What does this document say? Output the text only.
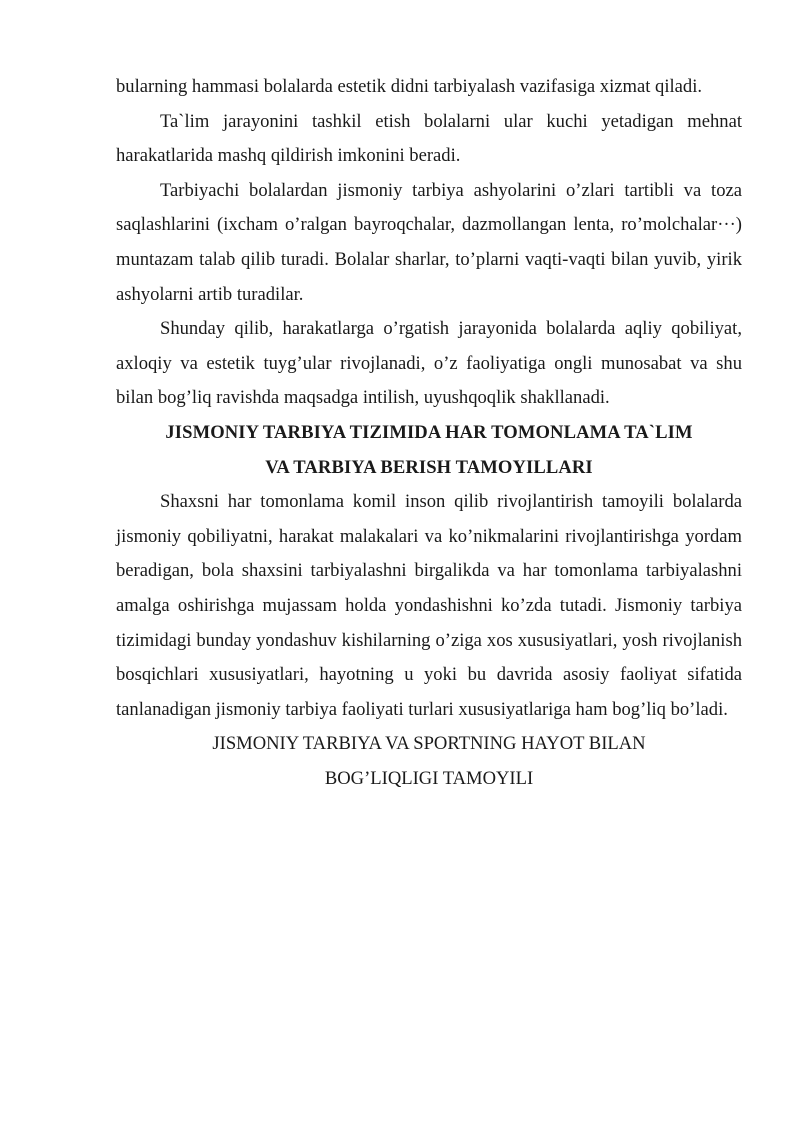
bularning hammasi bolalarda estetik didni tarbiyalash vazifasiga xizmat qiladi.

Ta`lim jarayonini tashkil etish bolalarni ular kuchi yetadigan mehnat harakatlarida mashq qildirish imkonini beradi.

Tarbiyachi bolalardan jismoniy tarbiya ashyolarini o’zlari tartibli va toza saqlashlarini (ixcham o’ralgan bayroqchalar, dazmollangan lenta, ro’molchalar···) muntazam talab qilib turadi. Bolalar sharlar, to’plarni vaqti-vaqti bilan yuvib, yirik ashyolarni artib turadilar.

Shunday qilib, harakatlarga o’rgatish jarayonida bolalarda aqliy qobiliyat, axloqiy va estetik tuyg’ular rivojlanadi, o’z faoliyatiga ongli munosabat va shu bilan bog’liq ravishda maqsadga intilish, uyushqoqlik shakllanadi.

JISMONIY TARBIYA TIZIMIDA HAR TOMONLAMA TA`LIM
VA TARBIYA BERISH TAMOYILLARI

Shaxsni har tomonlama komil inson qilib rivojlantirish tamoyili bolalarda jismoniy qobiliyatni, harakat malakalari va ko’nikmalarini rivojlantirishga yordam beradigan, bola shaxsini tarbiyalashni birgalikda va har tomonlama tarbiyalashni amalga oshirishga mujassam holda yondashishni ko’zda tutadi. Jismoniy tarbiya tizimidagi bunday yondashuv kishilarning o’ziga xos xususiyatlari, yosh rivojlanish bosqichlari xususiyatlari, hayotning u yoki bu davrida asosiy faoliyat sifatida tanlanadigan jismoniy tarbiya faoliyati turlari xususiyatlariga ham bog’liq bo’ladi.

JISMONIY TARBIYA VA SPORTNING HAYOT BILAN
BOG’LIQLIGI TAMOYILI
